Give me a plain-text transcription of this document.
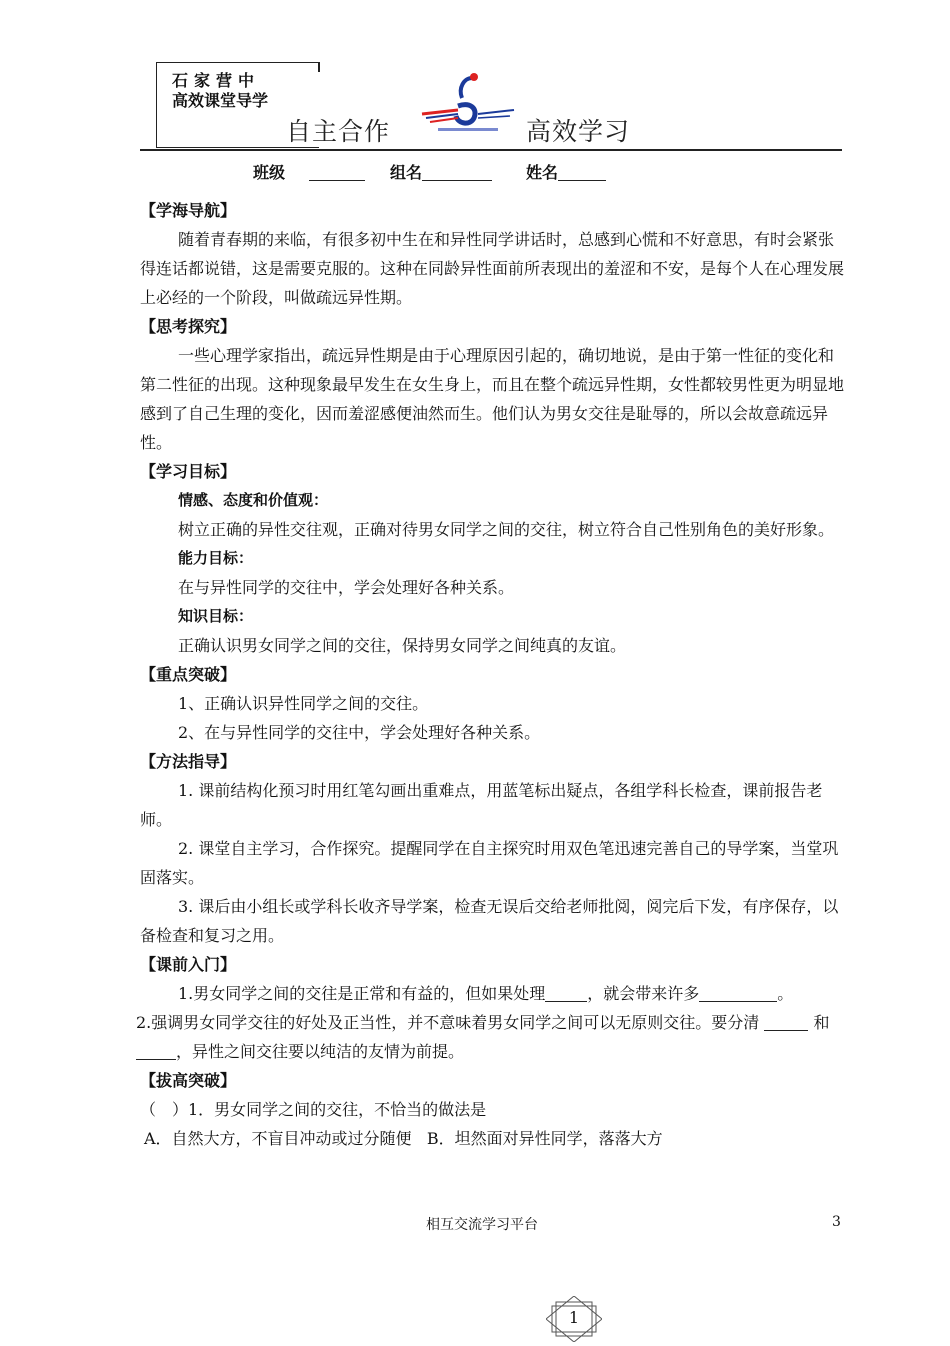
石家营中
高效课堂导学
自主合作	高效学习
班级	组名	姓名

【学海导航】

随着青春期的来临，有很多初中生在和异性同学讲话时，总感到心慌和不好意思，有时会紧张得连话都说错，这是需要克服的。这种在同龄异性面前所表现出的羞涩和不安，是每个人在心理发展上必经的一个阶段，叫做疏远异性期。

【思考探究】

一些心理学家指出，疏远异性期是由于心理原因引起的，确切地说，是由于第一性征的变化和第二性征的出现。这种现象最早发生在女生身上，而且在整个疏远异性期，女性都较男性更为明显地感到了自己生理的变化，因而羞涩感便油然而生。他们认为男女交往是耻辱的，所以会故意疏远异性。

【学习目标】

情感、态度和价值观：

树立正确的异性交往观，正确对待男女同学之间的交往，树立符合自己性别角色的美好形象。

能力目标：

在与异性同学的交往中，学会处理好各种关系。

知识目标：

正确认识男女同学之间的交往，保持男女同学之间纯真的友谊。

【重点突破】

1、正确认识异性同学之间的交往。

2、在与异性同学的交往中，学会处理好各种关系。

【方法指导】

1. 课前结构化预习时用红笔勾画出重难点，用蓝笔标出疑点，各组学科长检查，课前报告老师。

2. 课堂自主学习，合作探究。提醒同学在自主探究时用双色笔迅速完善自己的导学案，当堂巩固落实。

3. 课后由小组长或学科长收齐导学案，检查无误后交给老师批阅，阅完后下发，有序保存，以备检查和复习之用。

【课前入门】

1.男女同学之间的交往是正常和有益的，但如果处理	，就会带来许多	。

2.强调男女同学交往的好处及正当性，并不意味着男女同学之间可以无原则交往。要分清	和，异性之间交往要以纯洁的友情为前提。

【拔高突破】

（　）1．男女同学之间的交往，不恰当的做法是

A．自然大方，不盲目冲动或过分随便 B．坦然面对异性同学，落落大方

相互交流学习平台	3
1
